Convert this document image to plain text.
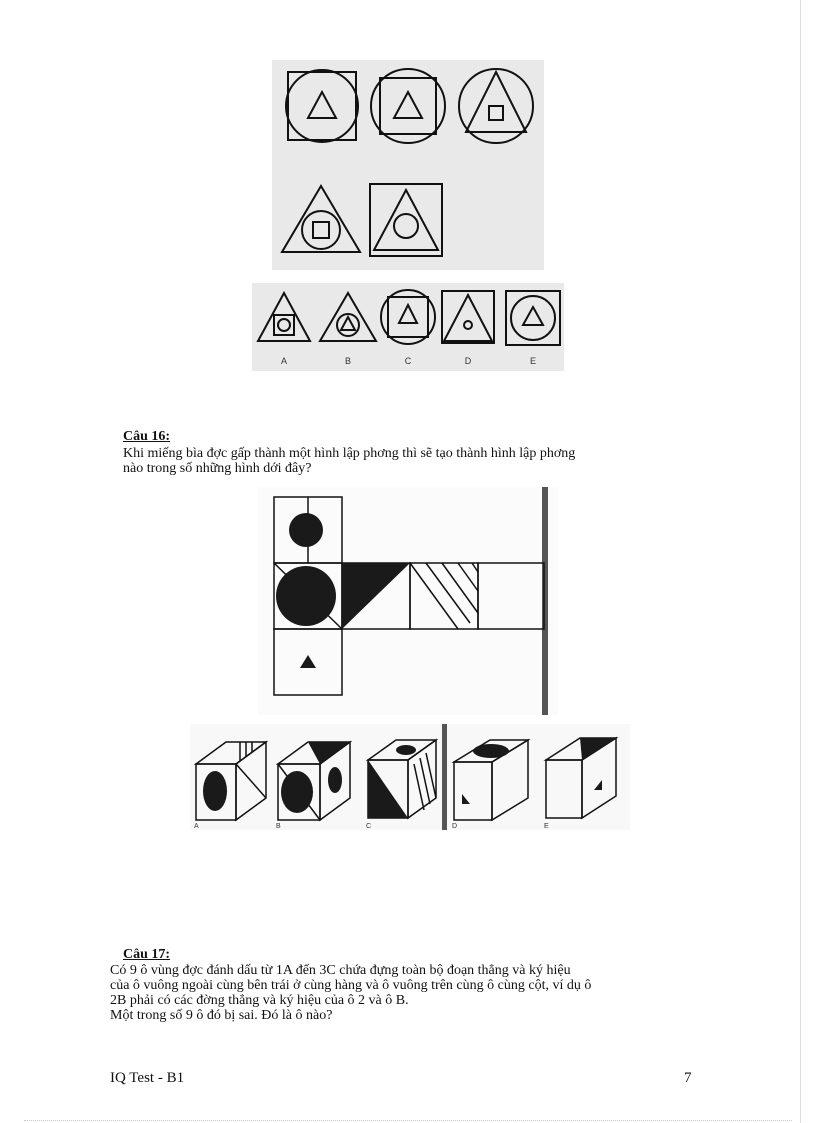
A	B	C	D	E
Câu 16:
Khi miếng bìa đợc gấp thành một hình lập phơng thì sẽ tạo thành hình lập phơng
nào trong số những hình dới đây?
A	B	C	D	E
Câu 17:
Có 9 ô vùng đợc đánh dấu từ 1A đến 3C chứa đựng toàn bộ đoạn thẳng và ký hiệu
của ô vuông ngoài cùng bên trái ở cùng hàng và ô vuông trên cùng ô cùng cột, ví dụ ô
2B phải có các đờng thẳng và ký hiệu của ô 2 và ô B.
Một trong số 9 ô đó bị sai. Đó là ô nào?
IQ Test - B1	7
